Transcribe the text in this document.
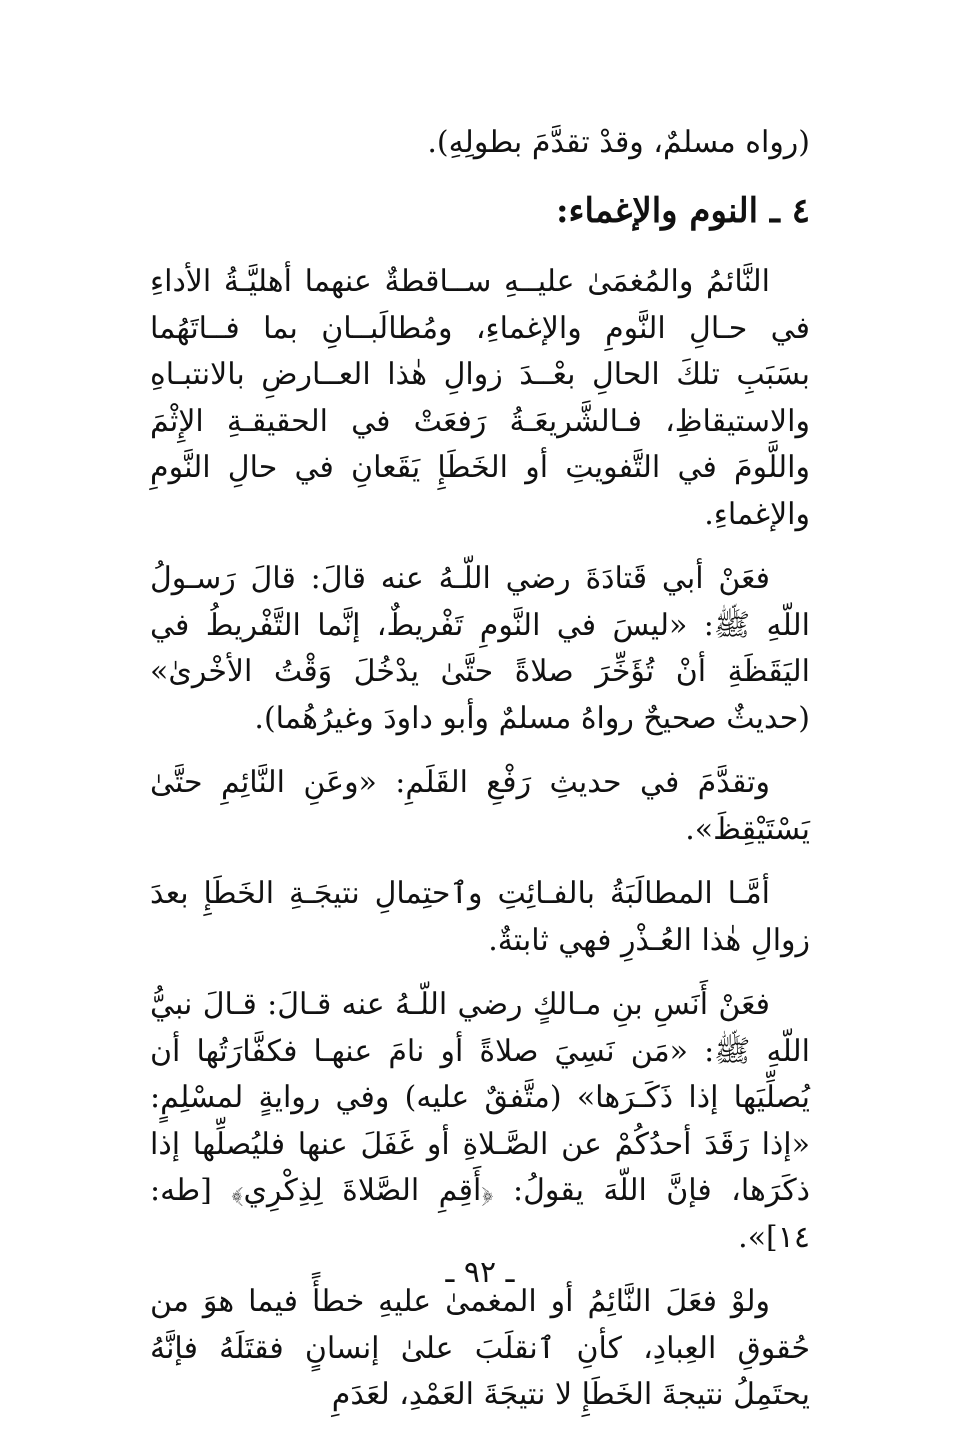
(رواه مسلمٌ، وقدْ تقدَّمَ بطولِهِ).

٤ ـ النوم والإغماء:

النَّائمُ والمُغمَىٰ عليــهِ ســاقطةٌ عنهما أهليَّـةُ الأداءِ في حـالِ النَّومِ والإغماءِ، ومُطالَبــانِ بما فــاتَهُما بسَبَبِ تلكَ الحالِ بعْــدَ زوالِ هٰذا العــارضِ بالانتبـاهِ والاستيقاظِ، فـالشَّريعَـةُ رَفعَتْ في الحقيقـةِ الإِثْمَ واللَّومَ في التَّفويتِ أو الخَطَإِ يَقَعانِ في حالِ النَّومِ والإغماءِ.

فعَنْ أبي قَتادَةَ رضي اللّـهُ عنه قالَ: قالَ رَسـولُ اللّهِ ﷺ: «ليسَ في النَّومِ تَفْريطٌ، إنَّما التَّفْريطُ في اليَقَظَةِ أنْ تُؤَخِّرَ صلاةً حتَّىٰ يدْخُلَ وَقْتُ الأخْرىٰ» (حديثٌ صحيحٌ رواهُ مسلمٌ وأبو داودَ وغيرُهُما).

وتقدَّمَ في حديثِ رَفْعِ القَلَمِ: «وعَنِ النَّائِمِ حتَّىٰ يَسْتَيْقِظَ».

أمَّـا المطالَبَةُ بالفـائِتِ وٱحتِمالِ نتيجَـةِ الخَطَإِ بعدَ زوالِ هٰذا العُـذْرِ فهي ثابتةٌ.

فعَنْ أَنَسِ بنِ مـالكٍ رضي اللّـهُ عنه قـالَ: قـالَ نبيُّ اللّهِ ﷺ: «مَن نَسِيَ صلاةً أو نامَ عنهـا فكفَّارَتُها أن يُصلِّيَها إذا ذَكَـرَها» (متَّفقٌ عليه) وفي روايةٍ لمسْلِمٍ: «إذا رَقَدَ أحدُكُمْ عن الصَّـلاةِ أو غَفَلَ عنها فليُصلِّها إذا ذكَرَها، فإنَّ اللّهَ يقولُ: ﴿أَقِمِ الصَّلاةَ لِذِكْرِي﴾ [طه: ١٤]».

ولوْ فعَلَ النَّائِمُ أو المغمىٰ عليهِ خطأً فيما هوَ من حُقوقِ العِبادِ، كأنِ ٱنقلَبَ علىٰ إنسانٍ فقتَلَهُ فإنَّهُ يحتَمِلُ نتيجةَ الخَطَإِ لا نتيجَةَ العَمْدِ، لعَدَمِ

ـ ٩٢ ـ
